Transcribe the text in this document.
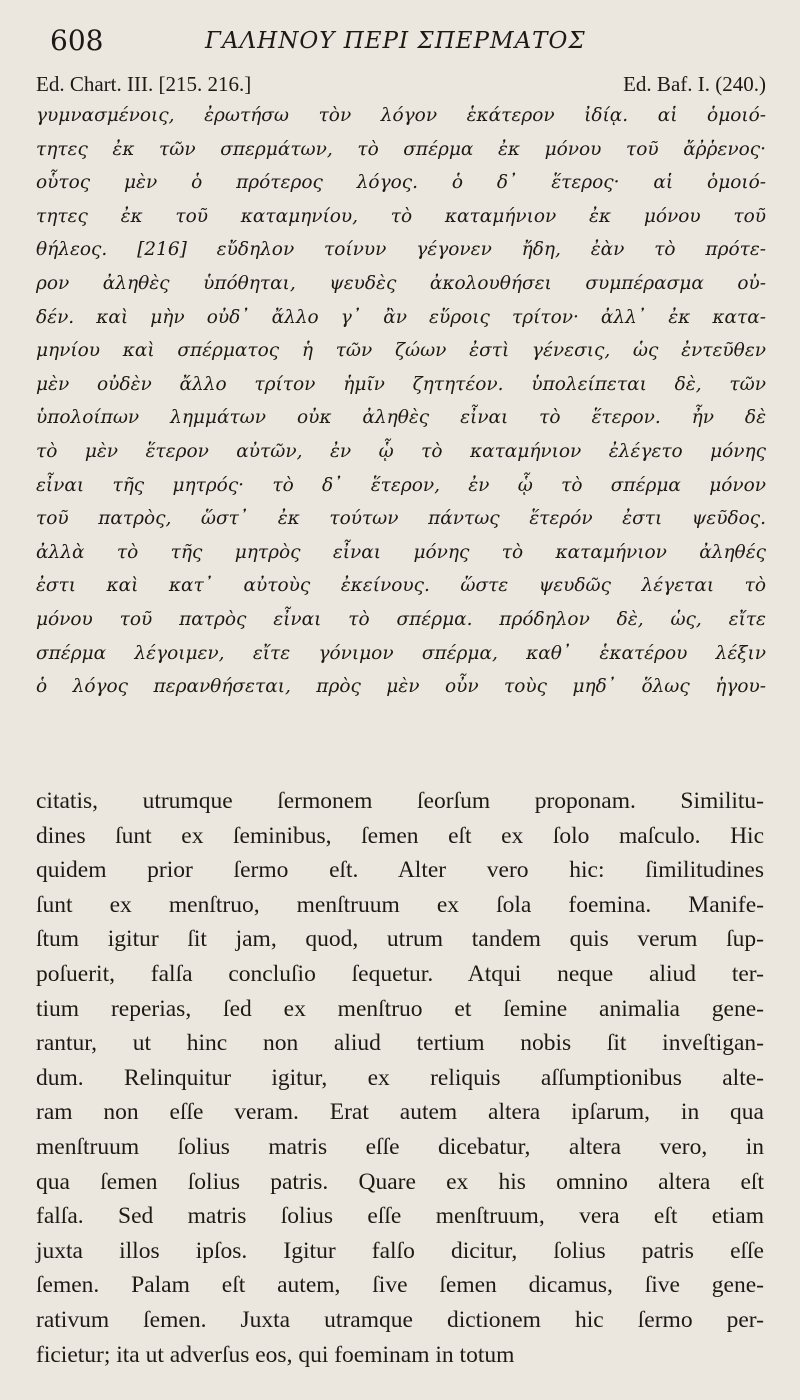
608	ΓΑΛΗΝΟΥ ΠΕΡΙ ΣΠΕΡΜΑΤΟΣ
Ed. Chart. III. [215. 216.]	Ed. Baf. I. (240.)
γυμνασμένοις, ἐρωτήσω τὸν λόγον ἑκάτερον ἰδίᾳ. αἱ ὁμοιό-
τητες ἐκ τῶν σπερμάτων, τὸ σπέρμα ἐκ μόνου τοῦ ἄῤῥενος·
οὗτος μὲν ὁ πρότερος λόγος. ὁ δ᾽ ἕτερος· αἱ ὁμοιό-
τητες ἐκ τοῦ καταμηνίου, τὸ καταμήνιον ἐκ μόνου τοῦ
θήλεος. [216] εὔδηλον τοίνυν γέγονεν ἤδη, ἐὰν τὸ πρότε-
ρον ἀληθὲς ὑπόθηται, ψευδὲς ἀκολουθήσει συμπέρασμα οὐ-
δέν. καὶ μὴν οὐδ᾽ ἄλλο γ᾽ ἂν εὕροις τρίτον· ἀλλ᾽ ἐκ κατα-
μηνίου καὶ σπέρματος ἡ τῶν ζώων ἐστὶ γένεσις, ὡς ἐντεῦθεν
μὲν οὐδὲν ἄλλο τρίτον ἡμῖν ζητητέον. ὑπολείπεται δὲ, τῶν
ὑπολοίπων λημμάτων οὐκ ἀληθὲς εἶναι τὸ ἕτερον. ἦν δὲ
τὸ μὲν ἕτερον αὐτῶν, ἐν ᾧ τὸ καταμήνιον ἐλέγετο μόνης
εἶναι τῆς μητρός· τὸ δ᾽ ἕτερον, ἐν ᾧ τὸ σπέρμα μόνον
τοῦ πατρὸς, ὥστ᾽ ἐκ τούτων πάντως ἕτερόν ἐστι ψεῦδος.
ἀλλὰ τὸ τῆς μητρὸς εἶναι μόνης τὸ καταμήνιον ἀληθές
ἐστι καὶ κατ᾽ αὐτοὺς ἐκείνους. ὥστε ψευδῶς λέγεται τὸ
μόνου τοῦ πατρὸς εἶναι τὸ σπέρμα. πρόδηλον δὲ, ὡς, εἴτε
σπέρμα λέγοιμεν, εἴτε γόνιμον σπέρμα, καθ᾽ ἑκατέρου λέξιν
ὁ λόγος περανθήσεται, πρὸς μὲν οὖν τοὺς μηδ᾽ ὅλως ἡγου-
citatis, utrumque ſermonem ſeorſum proponam. Similitu-
dines ſunt ex ſeminibus, ſemen eſt ex ſolo maſculo. Hic
quidem prior ſermo eſt. Alter vero hic: ſimilitudines
ſunt ex menſtruo, menſtruum ex ſola foemina. Manife-
ſtum igitur ſit jam, quod, utrum tandem quis verum ſup-
poſuerit, falſa concluſio ſequetur. Atqui neque aliud ter-
tium reperias, ſed ex menſtruo et ſemine animalia gene-
rantur, ut hinc non aliud tertium nobis ſit inveſtigan-
dum. Relinquitur igitur, ex reliquis aſſumptionibus alte-
ram non eſſe veram. Erat autem altera ipſarum, in qua
menſtruum ſolius matris eſſe dicebatur, altera vero, in
qua ſemen ſolius patris. Quare ex his omnino altera eſt
falſa. Sed matris ſolius eſſe menſtruum, vera eſt etiam
juxta illos ipſos. Igitur falſo dicitur, ſolius patris eſſe
ſemen. Palam eſt autem, ſive ſemen dicamus, ſive gene-
rativum ſemen. Juxta utramque dictionem hic ſermo per-
ficietur; ita ut adverſus eos, qui foeminam in totum
